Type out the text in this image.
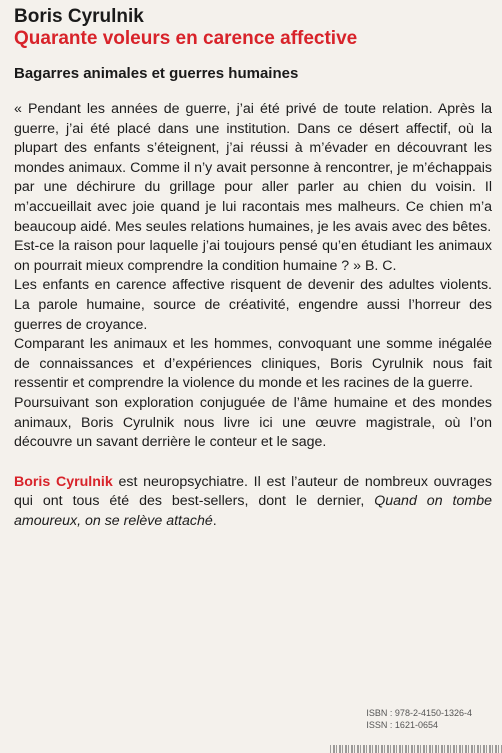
Boris Cyrulnik
Quarante voleurs en carence affective
Bagarres animales et guerres humaines

« Pendant les années de guerre, j’ai été privé de toute relation. Après la guerre, j’ai été placé dans une institution. Dans ce désert affectif, où la plupart des enfants s’éteignent, j’ai réussi à m’évader en découvrant les mondes animaux. Comme il n’y avait personne à rencontrer, je m’échappais par une déchirure du grillage pour aller parler au chien du voisin. Il m’accueillait avec joie quand je lui racontais mes malheurs. Ce chien m’a beaucoup aidé. Mes seules relations humaines, je les avais avec des bêtes.

Est-ce la raison pour laquelle j’ai toujours pensé qu’en étudiant les animaux on pourrait mieux comprendre la condition humaine ? » B. C.

Les enfants en carence affective risquent de devenir des adultes violents. La parole humaine, source de créativité, engendre aussi l’horreur des guerres de croyance.

Comparant les animaux et les hommes, convoquant une somme inégalée de connaissances et d’expériences cliniques, Boris Cyrulnik nous fait ressentir et comprendre la violence du monde et les racines de la guerre.

Poursuivant son exploration conjuguée de l’âme humaine et des mondes animaux, Boris Cyrulnik nous livre ici une œuvre magistrale, où l’on découvre un savant derrière le conteur et le sage.

Boris Cyrulnik est neuropsychiatre. Il est l’auteur de nombreux ouvrages qui ont tous été des best-sellers, dont le dernier, Quand on tombe amoureux, on se relève attaché.

ISBN : 978-2-4150-1326-4
ISSN : 1621-0654
